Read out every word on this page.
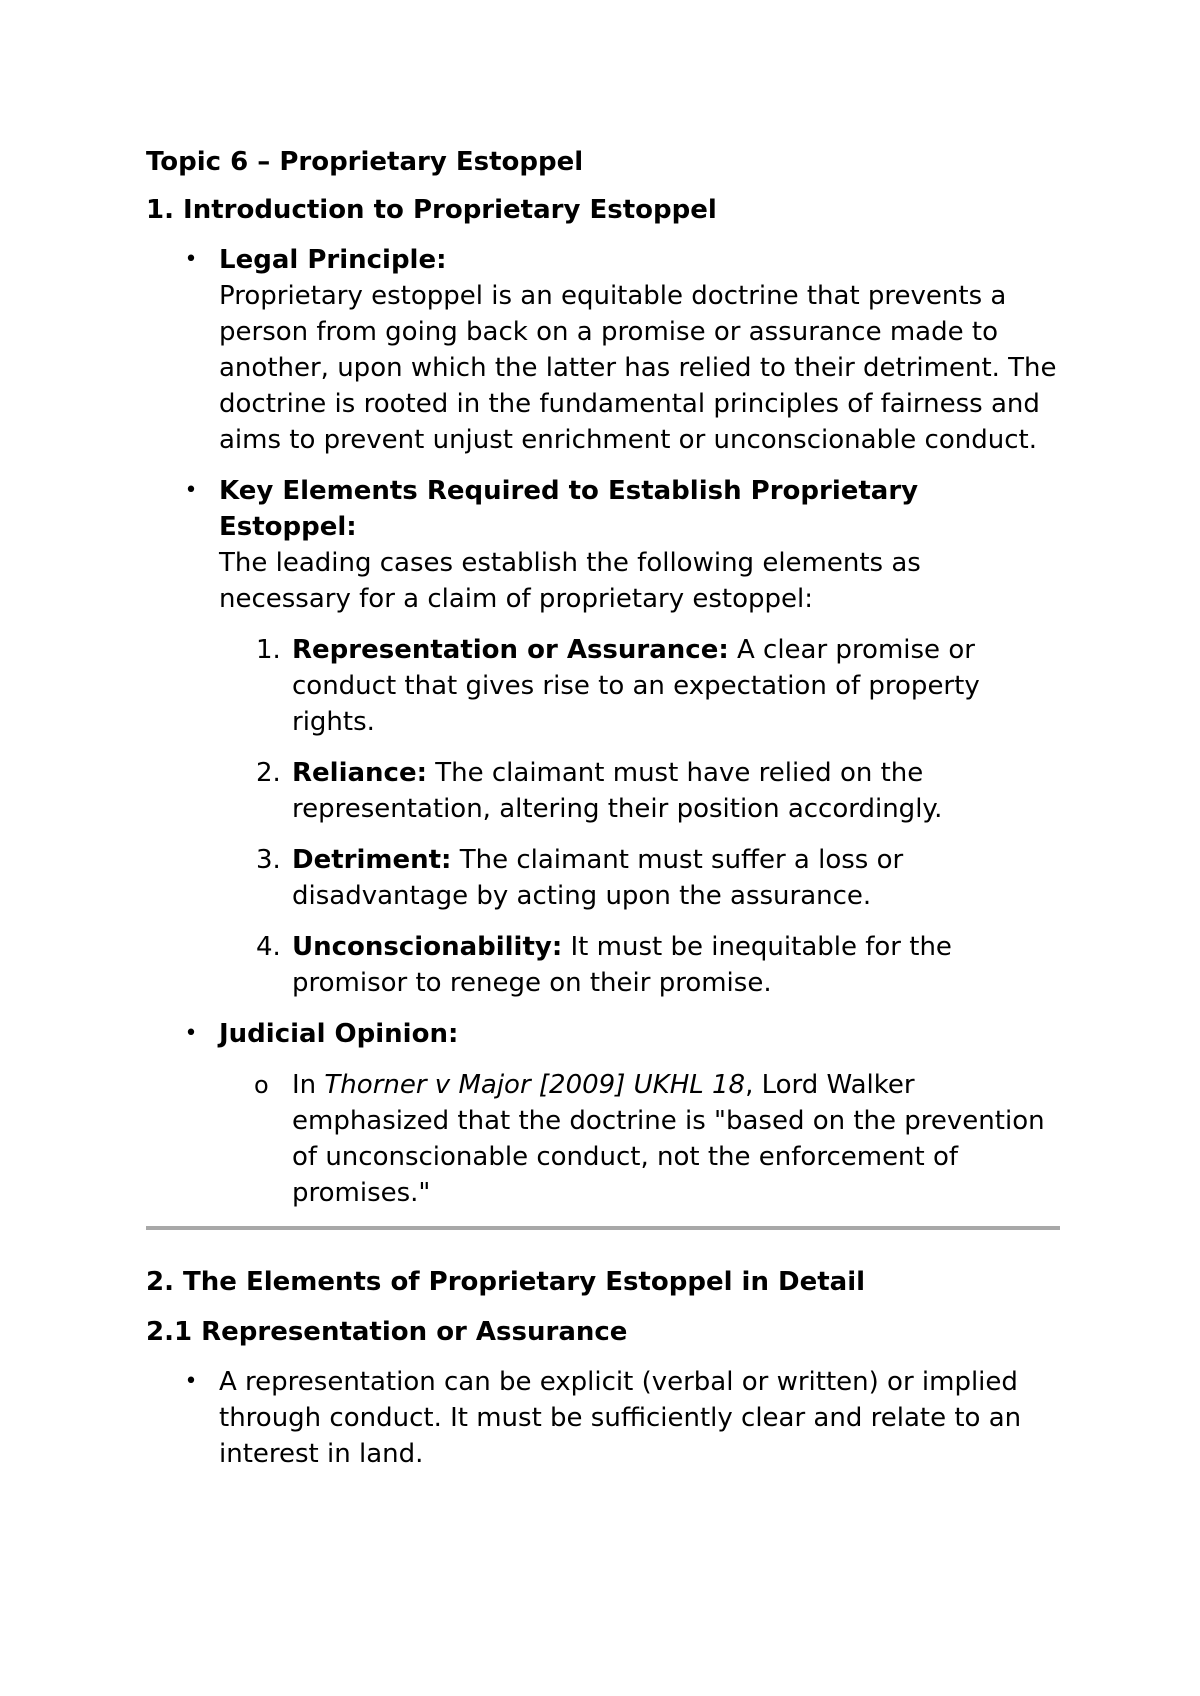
Topic 6 – Proprietary Estoppel

1. Introduction to Proprietary Estoppel

• Legal Principle:
Proprietary estoppel is an equitable doctrine that prevents a person from going back on a promise or assurance made to another, upon which the latter has relied to their detriment. The doctrine is rooted in the fundamental principles of fairness and aims to prevent unjust enrichment or unconscionable conduct.
• Key Elements Required to Establish Proprietary Estoppel:
The leading cases establish the following elements as necessary for a claim of proprietary estoppel:
1. Representation or Assurance: A clear promise or conduct that gives rise to an expectation of property rights.
2. Reliance: The claimant must have relied on the representation, altering their position accordingly.
3. Detriment: The claimant must suffer a loss or disadvantage by acting upon the assurance.
4. Unconscionability: It must be inequitable for the promisor to renege on their promise.
• Judicial Opinion:
o In Thorner v Major [2009] UKHL 18, Lord Walker emphasized that the doctrine is "based on the prevention of unconscionable conduct, not the enforcement of promises."

2. The Elements of Proprietary Estoppel in Detail

2.1 Representation or Assurance

• A representation can be explicit (verbal or written) or implied through conduct. It must be sufficiently clear and relate to an interest in land.
